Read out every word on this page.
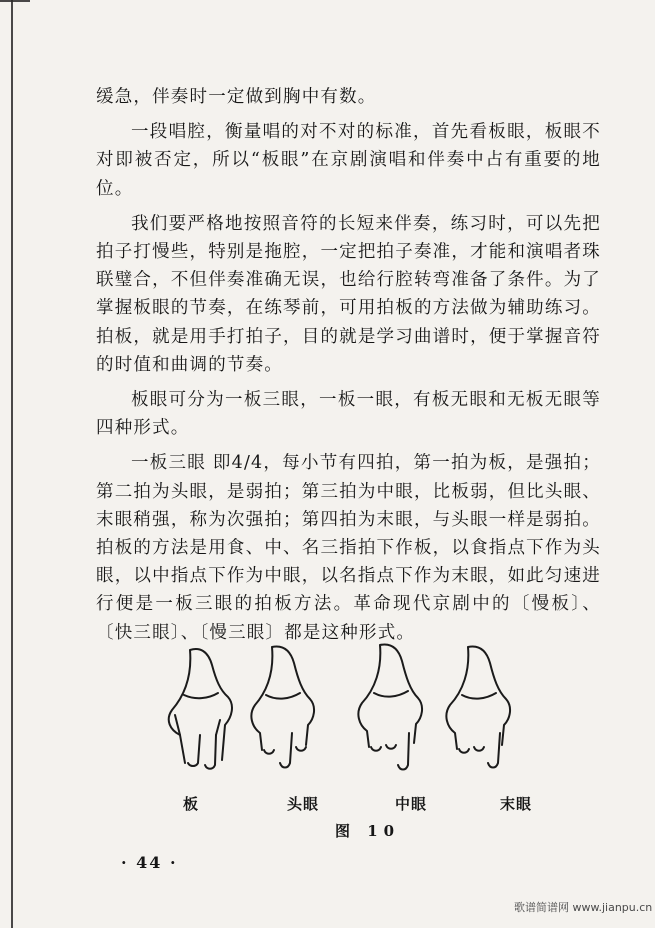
缓急，伴奏时一定做到胸中有数。

一段唱腔，衡量唱的对不对的标准，首先看板眼，板眼不对即被否定，所以“板眼”在京剧演唱和伴奏中占有重要的地位。

我们要严格地按照音符的长短来伴奏，练习时，可以先把拍子打慢些，特别是拖腔，一定把拍子奏准，才能和演唱者珠联璧合，不但伴奏准确无误，也给行腔转弯准备了条件。为了掌握板眼的节奏，在练琴前，可用拍板的方法做为辅助练习。拍板，就是用手打拍子，目的就是学习曲谱时，便于掌握音符的时值和曲调的节奏。

板眼可分为一板三眼，一板一眼，有板无眼和无板无眼等四种形式。

一板三眼 即4/4，每小节有四拍，第一拍为板，是强拍；第二拍为头眼，是弱拍；第三拍为中眼，比板弱，但比头眼、末眼稍强，称为次强拍；第四拍为末眼，与头眼一样是弱拍。拍板的方法是用食、中、名三指拍下作板，以食指点下作为头眼，以中指点下作为中眼，以名指点下作为末眼，如此匀速进行便是一板三眼的拍板方法。革命现代京剧中的〔慢板〕、〔快三眼〕、〔慢三眼〕都是这种形式。

板	头眼	中眼	末眼
图 10
· 44 ·
歌谱简谱网 www.jianpu.cn
